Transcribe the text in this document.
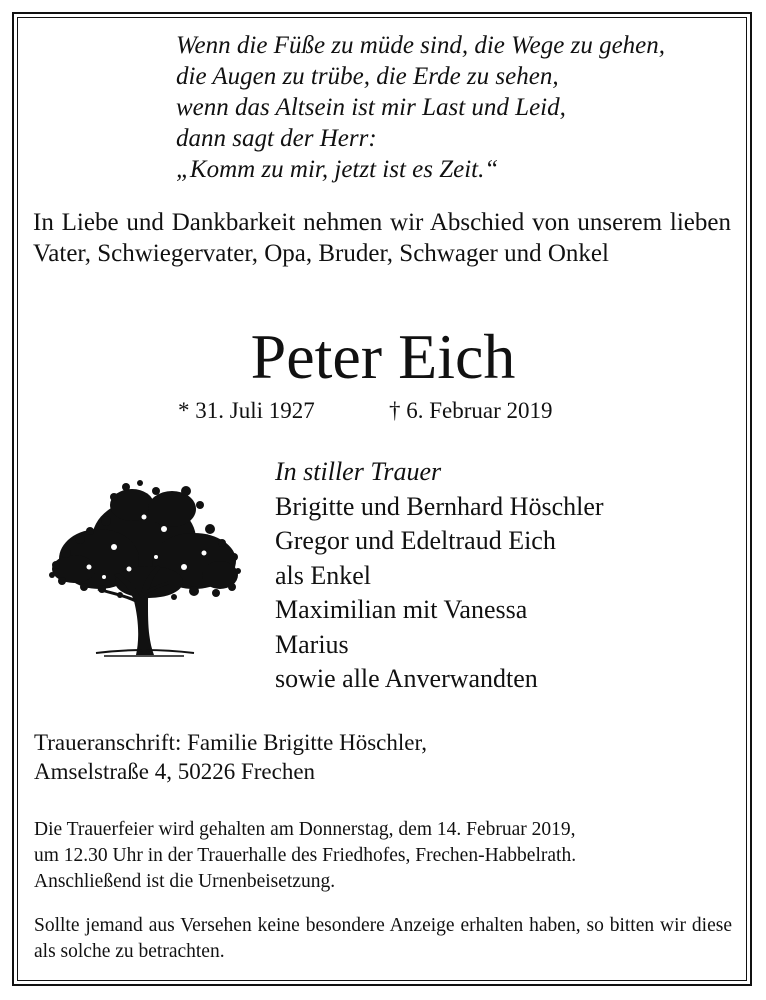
Wenn die Füße zu müde sind, die Wege zu gehen,
die Augen zu trübe, die Erde zu sehen,
wenn das Altsein ist mir Last und Leid,
dann sagt der Herr:
„Komm zu mir, jetzt ist es Zeit.“
In Liebe und Dankbarkeit nehmen wir Abschied von unserem lieben Vater, Schwiegervater, Opa, Bruder, Schwager und Onkel
Peter Eich
* 31. Juli 1927	† 6. Februar 2019
In stiller Trauer
Brigitte und Bernhard Höschler
Gregor und Edeltraud Eich
als Enkel
Maximilian mit Vanessa
Marius
sowie alle Anverwandten
Traueranschrift: Familie Brigitte Höschler,
Amselstraße 4, 50226 Frechen
Die Trauerfeier wird gehalten am Donnerstag, dem 14. Februar 2019,
um 12.30 Uhr in der Trauerhalle des Friedhofes, Frechen-Habbelrath.
Anschließend ist die Urnenbeisetzung.
Sollte jemand aus Versehen keine besondere Anzeige erhalten haben, so bitten wir diese als solche zu betrachten.
